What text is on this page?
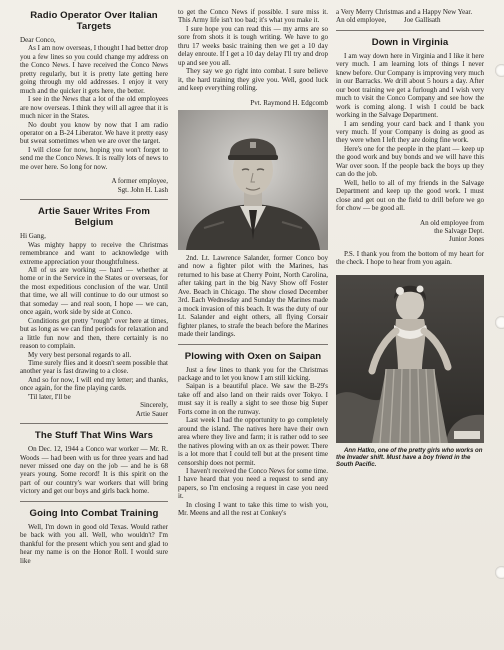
Radio Operator Over Italian Targets

Dear Conco,

As I am now overseas, I thought I had better drop you a few lines so you could change my address on the Conco News. I have received the Conco News pretty regularly, but it is pretty late getting here going through my old addresses. I enjoy it very much and the quicker it gets here, the better.

I see in the News that a lot of the old employees are now overseas. I think they will all agree that it is much nicer in the States.

No doubt you know by now that I am radio operator on a B-24 Liberator. We have it pretty easy but sweat sometimes when we are over the target.

I will close for now, hoping you won't forget to send me the Conco News. It is really lots of news to me over here. So long for now.

A former employee,

Sgt. John H. Lash

Artie Sauer Writes From Belgium

Hi Gang,

Was mighty happy to receive the Christmas remembrance and want to acknowledge with extreme appreciation your thoughtfulness.

All of us are working — hard — whether at home or in the Service in the States or overseas, for the most expeditious conclusion of the war. Until that time, we all will continue to do our utmost so that someday — and real soon, I hope — we can, once again, work side by side at Conco.

Conditions get pretty "rough" over here at times, but as long as we can find periods for relaxation and a little fun now and then, there certainly is no reason to complain.

My very best personal regards to all.

Time surely flies and it doesn't seem possible that another year is fast drawing to a close.

And so for now, I will end my letter; and thanks, once again, for the fine playing cards.

'Til later, I'll be

Sincerely,

Artie Sauer

The Stuff That Wins Wars

On Dec. 12, 1944 a Conco war worker — Mr. R. Woods — had been with us for three years and had never missed one day on the job — and he is 68 years young. Some record! It is this spirit on the part of our country's war workers that will bring victory and get our boys and girls back home.

Going Into Combat Training

Well, I'm down in good old Texas. Would rather be back with you all. Well, who wouldn't? I'm thankful for the present which you sent and glad to hear my name is on the Honor Roll. I would sure like

to get the Conco News if possible. I sure miss it. This Army life isn't too bad; it's what you make it.

I sure hope you can read this — my arms are so sore from shots it is tough writing. We have to go thru 17 weeks basic training then we get a 10 day delay enroute. If I get a 10 day delay I'll try and drop up and see you all.

They say we go right into combat. I sure believe it, the hard training they give you. Well, good luck and keep everything rolling.

Pvt. Raymond H. Edgcomb

2nd. Lt. Lawrence Salander, former Conco boy and now a fighter pilot with the Marines, has returned to his base at Cherry Point, North Carolina, after taking part in the big Navy Show off Foster Ave. Beach in Chicago. The show closed December 3rd. Each Wednesday and Sunday the Marines made a mock invasion of this beach. It was the duty of our Lt. Salander and eight others, all flying Corsair fighter planes, to strafe the beach before the Marines made their landings.

Plowing with Oxen on Saipan

Just a few lines to thank you for the Christmas package and to let you know I am still kicking.

Saipan is a beautiful place. We saw the B-29's take off and also land on their raids over Tokyo. I must say it is really a sight to see those big Super Forts come in on the runway.

Last week I had the opportunity to go completely around the island. The natives here have their own area where they live and farm; it is rather odd to see the natives plowing with an ox as their power. There is a lot more that I could tell but at the present time censorship does not permit.

I haven't received the Conco News for some time. I have heard that you need a request to send any papers, so I'm enclosing a request in case you need it.

In closing I want to take this time to wish you, Mr. Meens and all the rest at Conkey's

a Very Merry Christmas and a Happy New Year.

An old employee,          Joe Gallisath

Down in Virginia

I am way down here in Virginia and I like it here very much. I am learning lots of things I never knew before. Our Company is improving very much in our Barracks. We drill about 5 hours a day. After our boot training we get a furlough and I wish very much to visit the Conco Company and see how the work is coming along. I wish I could be back working in the Salvage Department.

I am sending your card back and I thank you very much. If your Company is doing as good as they were when I left they are doing fine work.

Here's one for the people in the plant — keep up the good work and buy bonds and we will have this War over soon. If the people back the boys up they can do the job.

Well, hello to all of my friends in the Salvage Department and keep up the good work. I must close and get out on the field to drill before we go for chow — be good all.

An old employee from

the Salvage Dept.

Junior Jones

P.S. I thank you from the bottom of my heart for the check. I hope to hear from you again.

Ann Hatko, one of the pretty girls who works on the Invader shift. Must have a boy friend in the South Pacific.
